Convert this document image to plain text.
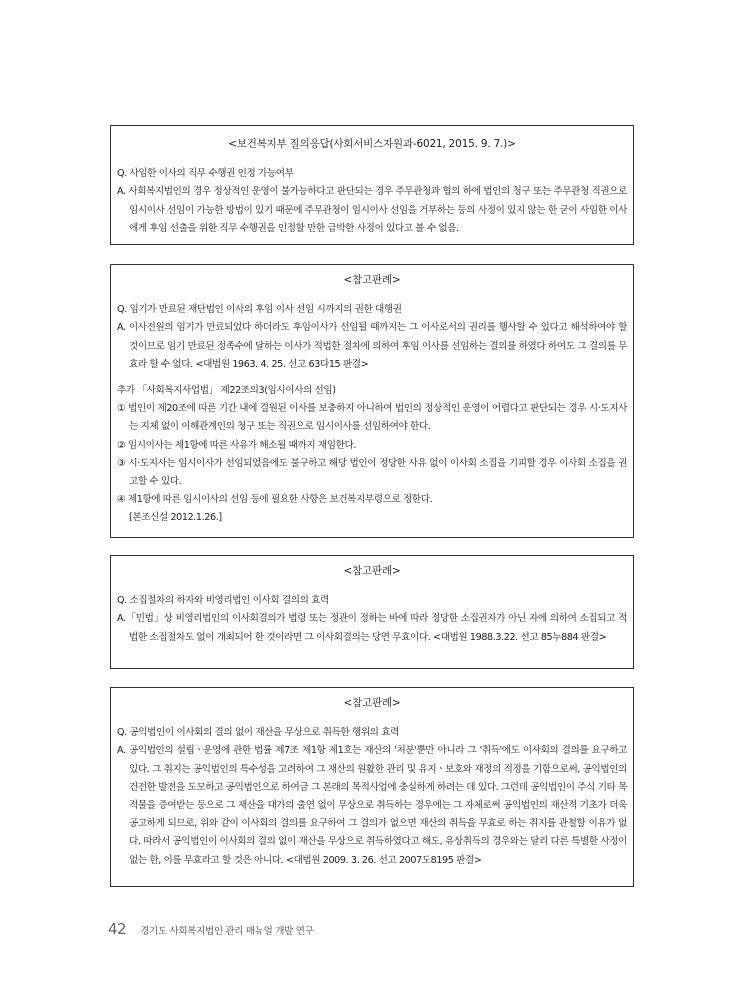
<보건복지부 질의응답(사회서비스자원과-6021, 2015. 9. 7.)>

Q. 사임한 이사의 직무 수행권 인정 가능여부

A. 사회복지법인의 경우 정상적인 운영이 불가능하다고 판단되는 경우 주무관청과 협의 하에 법인의 청구 또는 주무관청 직권으로 임시이사 선임이 가능한 방법이 있기 때문에 주무관청이 임시이사 선임을 거부하는 등의 사정이 있지 않는 한 굳이 사임한 이사에게 후임 선출을 위한 직무 수행권을 인정할 만한 급박한 사정이 있다고 볼 수 없음.

<참고판례>

Q. 임기가 만료된 재단법인 이사의 후임 이사 선임 시까지의 권한 대행권

A. 이사전원의 임기가 만료되었다 하더라도 후임이사가 선임될 때까지는 그 이사로서의 권리를 행사할 수 있다고 해석하여야 할 것이므로 임기 만료된 정족수에 달하는 이사가 적법한 절차에 의하여 후임 이사를 선임하는 결의를 하였다 하여도 그 결의를 무효라 할 수 없다. <대법원 1963. 4. 25. 선고 63다15 판결>

추가 「사회복지사업법」 제22조의3(임시이사의 선임)

① 법인이 제20조에 따른 기간 내에 결원된 이사를 보충하지 아니하여 법인의 정상적인 운영이 어렵다고 판단되는 경우 시·도지사는 지체 없이 이해관계인의 청구 또는 직권으로 임시이사를 선임하여야 한다.

② 임시이사는 제1항에 따른 사유가 해소될 때까지 재임한다.

③ 시·도지사는 임시이사가 선임되었음에도 불구하고 해당 법인이 정당한 사유 없이 이사회 소집을 기피할 경우 이사회 소집을 권고할 수 있다.

④ 제1항에 따른 임시이사의 선임 등에 필요한 사항은 보건복지부령으로 정한다.

[본조신설 2012.1.26.]

<참고판례>

Q. 소집절차의 하자와 비영리법인 이사회 결의의 효력

A.「민법」상 비영리법인의 이사회결의가 법령 또는 정관이 정하는 바에 따라 정당한 소집권자가 아닌 자에 의하여 소집되고 적법한 소집절차도 없이 개최되어 한 것이라면 그 이사회결의는 당연 무효이다. <대법원 1988.3.22. 선고 85누884 판결>

<참고판례>

Q. 공익법인이 이사회의 결의 없이 재산을 무상으로 취득한 행위의 효력

A. 공익법인의 설립ㆍ운영에 관한 법률 제7조 제1항 제1호는 재산의 '처분'뿐만 아니라 그 '취득'에도 이사회의 결의를 요구하고 있다. 그 취지는 공익법인의 특수성을 고려하여 그 재산의 원활한 관리 및 유지ㆍ보호와 재정의 적정을 기함으로써, 공익법인의 건전한 발전을 도모하고 공익법인으로 하여금 그 본래의 목적사업에 충실하게 하려는 데 있다. 그런데 공익법인이 주식 기타 목적물을 증여받는 등으로 그 재산을 대가의 출연 없이 무상으로 취득하는 경우에는 그 자체로써 공익법인의 재산적 기초가 더욱 공고하게 되므로, 위와 같이 이사회의 결의를 요구하여 그 결의가 없으면 재산의 취득을 무효로 하는 취지를 관철할 이유가 없다. 따라서 공익법인이 이사회의 결의 없이 재산을 무상으로 취득하였다고 해도, 유상취득의 경우와는 달리 다른 특별한 사정이 없는 한, 이를 무효라고 할 것은 아니다. <대법원 2009. 3. 26. 선고 2007도8195 판결>

42 경기도 사회복지법인 관리 매뉴얼 개발 연구
